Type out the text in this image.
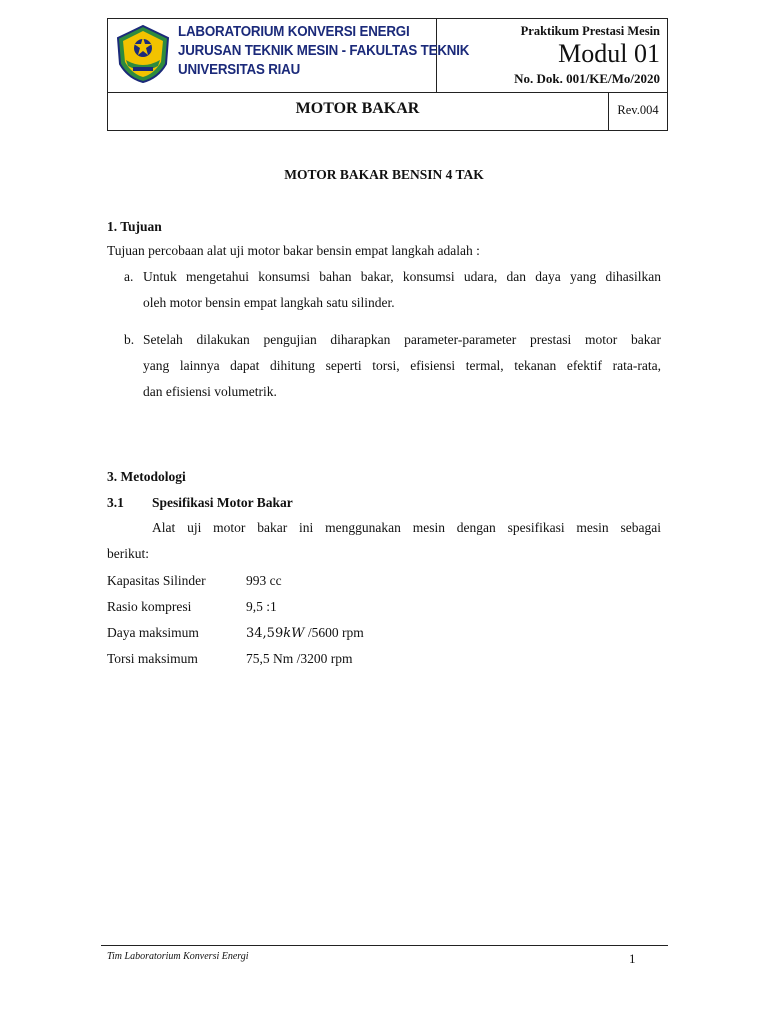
LABORATORIUM KONVERSI ENERGI
JURUSAN TEKNIK MESIN - FAKULTAS TEKNIK
UNIVERSITAS RIAU
Praktikum Prestasi Mesin
Modul 01
No. Dok. 001/KE/Mo/2020
MOTOR BAKAR	Rev.004
MOTOR BAKAR BENSIN 4 TAK
1. Tujuan
Tujuan percobaan alat uji motor bakar bensin empat langkah adalah :
a. Untuk mengetahui konsumsi bahan bakar, konsumsi udara, dan daya yang dihasilkan
oleh motor bensin empat langkah satu silinder.
b. Setelah dilakukan pengujian diharapkan parameter-parameter prestasi motor bakar
yang lainnya dapat dihitung seperti torsi, efisiensi termal, tekanan efektif rata-rata,
dan efisiensi volumetrik.
3. Metodologi
3.1 Spesifikasi Motor Bakar
Alat uji motor bakar ini menggunakan mesin dengan spesifikasi mesin sebagai
berikut:
Kapasitas Silinder	993 cc
Rasio kompresi	9,5 :1
Daya maksimum	34,59kW /5600 rpm
Torsi maksimum	75,5 Nm /3200 rpm
Tim Laboratorium Konversi Energi	1
